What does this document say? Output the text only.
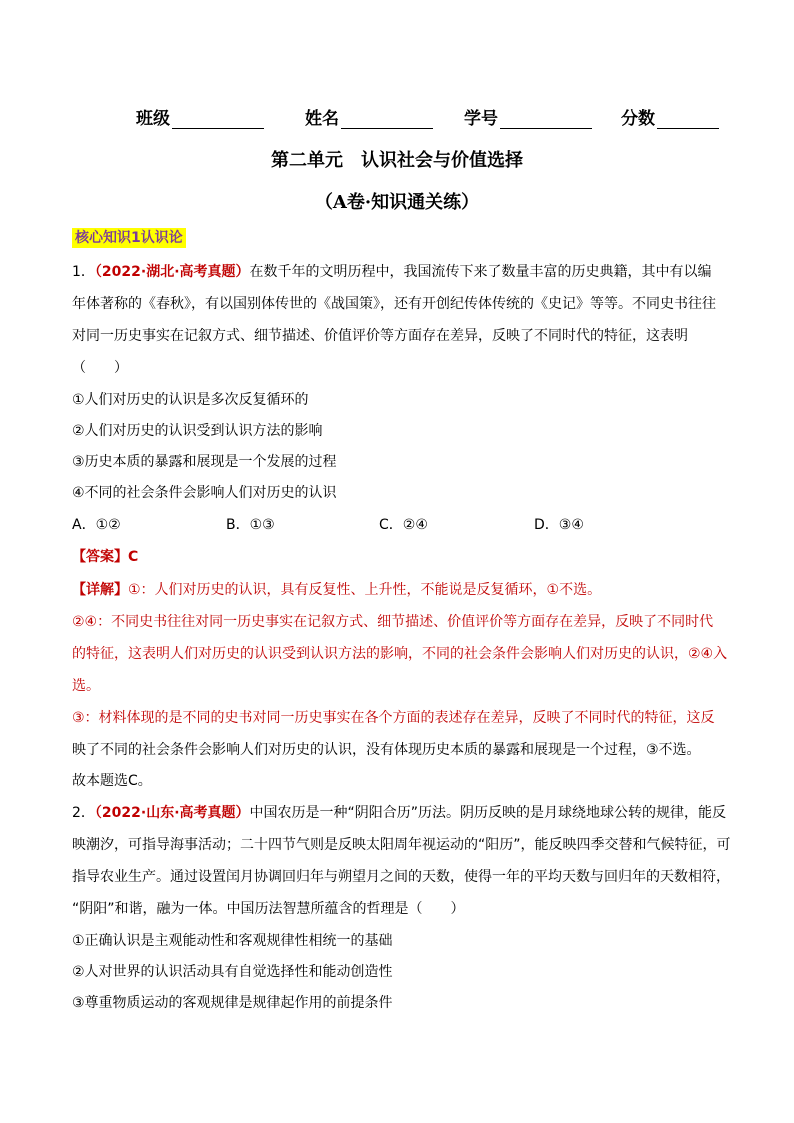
班级	姓名	学号	分数
第二单元　认识社会与价值选择
（A卷·知识通关练）
核心知识1认识论
1．（2022·湖北·高考真题）在数千年的文明历程中，我国流传下来了数量丰富的历史典籍，其中有以编
年体著称的《春秋》，有以国别体传世的《战国策》，还有开创纪传体传统的《史记》等等。不同史书往往
对同一历史事实在记叙方式、细节描述、价值评价等方面存在差异，反映了不同时代的特征，这表明
（　　）
①人们对历史的认识是多次反复循环的
②人们对历史的认识受到认识方法的影响
③历史本质的暴露和展现是一个发展的过程
④不同的社会条件会影响人们对历史的认识
A．①②	B．①③	C．②④	D．③④
【答案】C
【详解】①：人们对历史的认识，具有反复性、上升性，不能说是反复循环，①不选。
②④：不同史书往往对同一历史事实在记叙方式、细节描述、价值评价等方面存在差异，反映了不同时代
的特征，这表明人们对历史的认识受到认识方法的影响，不同的社会条件会影响人们对历史的认识，②④入
选。
③：材料体现的是不同的史书对同一历史事实在各个方面的表述存在差异，反映了不同时代的特征，这反
映了不同的社会条件会影响人们对历史的认识，没有体现历史本质的暴露和展现是一个过程，③不选。
故本题选C。
2．（2022·山东·高考真题）中国农历是一种“阴阳合历”历法。阴历反映的是月球绕地球公转的规律，能反
映潮汐，可指导海事活动；二十四节气则是反映太阳周年视运动的“阳历”，能反映四季交替和气候特征，可
指导农业生产。通过设置闰月协调回归年与朔望月之间的天数，使得一年的平均天数与回归年的天数相符，
“阴阳”和谐，融为一体。中国历法智慧所蕴含的哲理是（　　）
①正确认识是主观能动性和客观规律性相统一的基础
②人对世界的认识活动具有自觉选择性和能动创造性
③尊重物质运动的客观规律是规律起作用的前提条件
